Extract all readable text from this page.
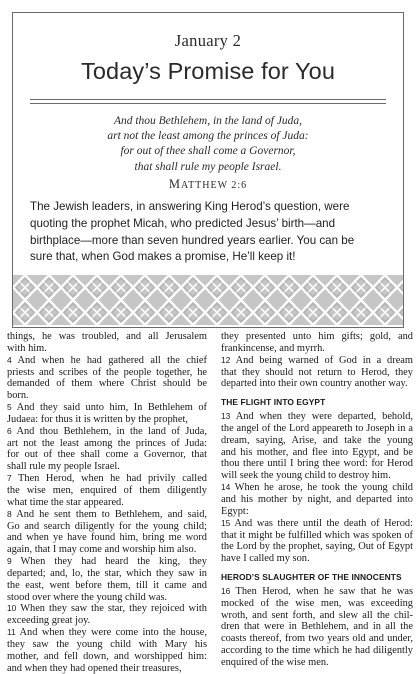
January 2
Today’s Promise for You
And thou Bethlehem, in the land of Juda,
art not the least among the princes of Juda:
for out of thee shall come a Governor,
that shall rule my people Israel.
MATTHEW 2:6
The Jewish leaders, in answering King Herod’s question, were
quoting the prophet Micah, who predicted Jesus’ birth—and
birthplace—more than seven hundred years earlier. You can be
sure that, when God makes a promise, He’ll keep it!
things, he was troubled, and all Jerusalem
with him.
4 And when he had gathered all the chief
priests and scribes of the people together, he
demanded of them where Christ should be
born.
5 And they said unto him, In Bethlehem of
Judaea: for thus it is written by the prophet,
6 And thou Bethlehem, in the land of Juda,
art not the least among the princes of Juda:
for out of thee shall come a Governor, that
shall rule my people Israel.
7 Then Herod, when he had privily called
the wise men, enquired of them diligently
what time the star appeared.
8 And he sent them to Bethlehem, and said,
Go and search diligently for the young child;
and when ye have found him, bring me word
again, that I may come and worship him also.
9 When they had heard the king, they
departed; and, lo, the star, which they saw in
the east, went before them, till it came and
stood over where the young child was.
10 When they saw the star, they rejoiced with
exceeding great joy.
11 And when they were come into the house,
they saw the young child with Mary his
mother, and fell down, and worshipped him:
and when they had opened their treasures,
they presented unto him gifts; gold, and
frankincense, and myrrh.
12 And being warned of God in a dream
that they should not return to Herod, they
departed into their own country another way.
THE FLIGHT INTO EGYPT
13 And when they were departed, behold,
the angel of the Lord appeareth to Joseph in a
dream, saying, Arise, and take the young
and his mother, and flee into Egypt, and be
thou there until I bring thee word: for Herod
will seek the young child to destroy him.
14 When he arose, he took the young child
and his mother by night, and departed into
Egypt:
15 And was there until the death of Herod:
that it might be fulfilled which was spoken of
the Lord by the prophet, saying, Out of Egypt
have I called my son.
HEROD’S SLAUGHTER OF THE INNOCENTS
16 Then Herod, when he saw that he was
mocked of the wise men, was exceeding
wroth, and sent forth, and slew all the chil-
dren that were in Bethlehem, and in all the
coasts thereof, from two years old and under,
according to the time which he had diligently
enquired of the wise men.
